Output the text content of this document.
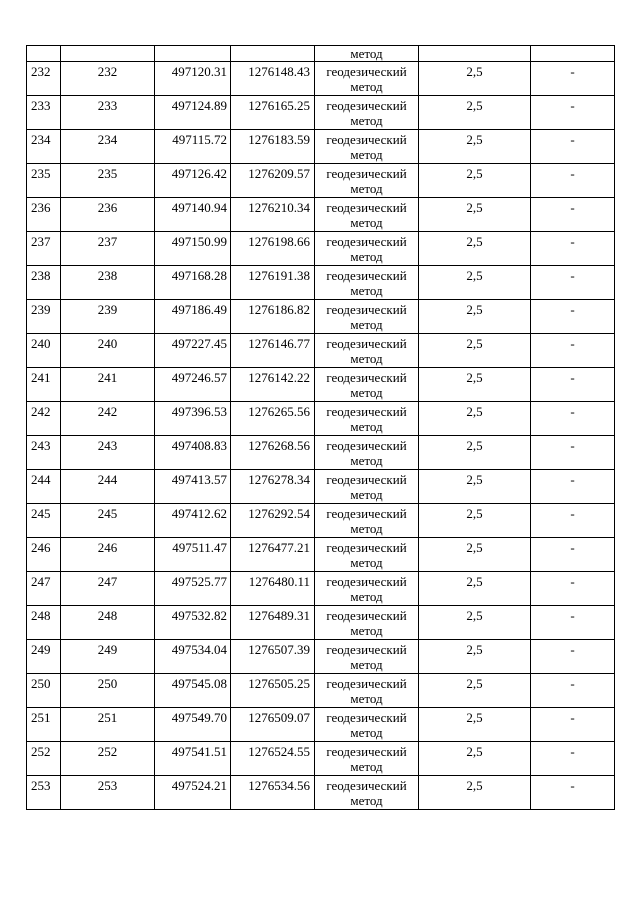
				метод		
232	232	497120.31	1276148.43	геодезический
метод	2,5	-
233	233	497124.89	1276165.25	геодезический
метод	2,5	-
234	234	497115.72	1276183.59	геодезический
метод	2,5	-
235	235	497126.42	1276209.57	геодезический
метод	2,5	-
236	236	497140.94	1276210.34	геодезический
метод	2,5	-
237	237	497150.99	1276198.66	геодезический
метод	2,5	-
238	238	497168.28	1276191.38	геодезический
метод	2,5	-
239	239	497186.49	1276186.82	геодезический
метод	2,5	-
240	240	497227.45	1276146.77	геодезический
метод	2,5	-
241	241	497246.57	1276142.22	геодезический
метод	2,5	-
242	242	497396.53	1276265.56	геодезический
метод	2,5	-
243	243	497408.83	1276268.56	геодезический
метод	2,5	-
244	244	497413.57	1276278.34	геодезический
метод	2,5	-
245	245	497412.62	1276292.54	геодезический
метод	2,5	-
246	246	497511.47	1276477.21	геодезический
метод	2,5	-
247	247	497525.77	1276480.11	геодезический
метод	2,5	-
248	248	497532.82	1276489.31	геодезический
метод	2,5	-
249	249	497534.04	1276507.39	геодезический
метод	2,5	-
250	250	497545.08	1276505.25	геодезический
метод	2,5	-
251	251	497549.70	1276509.07	геодезический
метод	2,5	-
252	252	497541.51	1276524.55	геодезический
метод	2,5	-
253	253	497524.21	1276534.56	геодезический
метод	2,5	-
